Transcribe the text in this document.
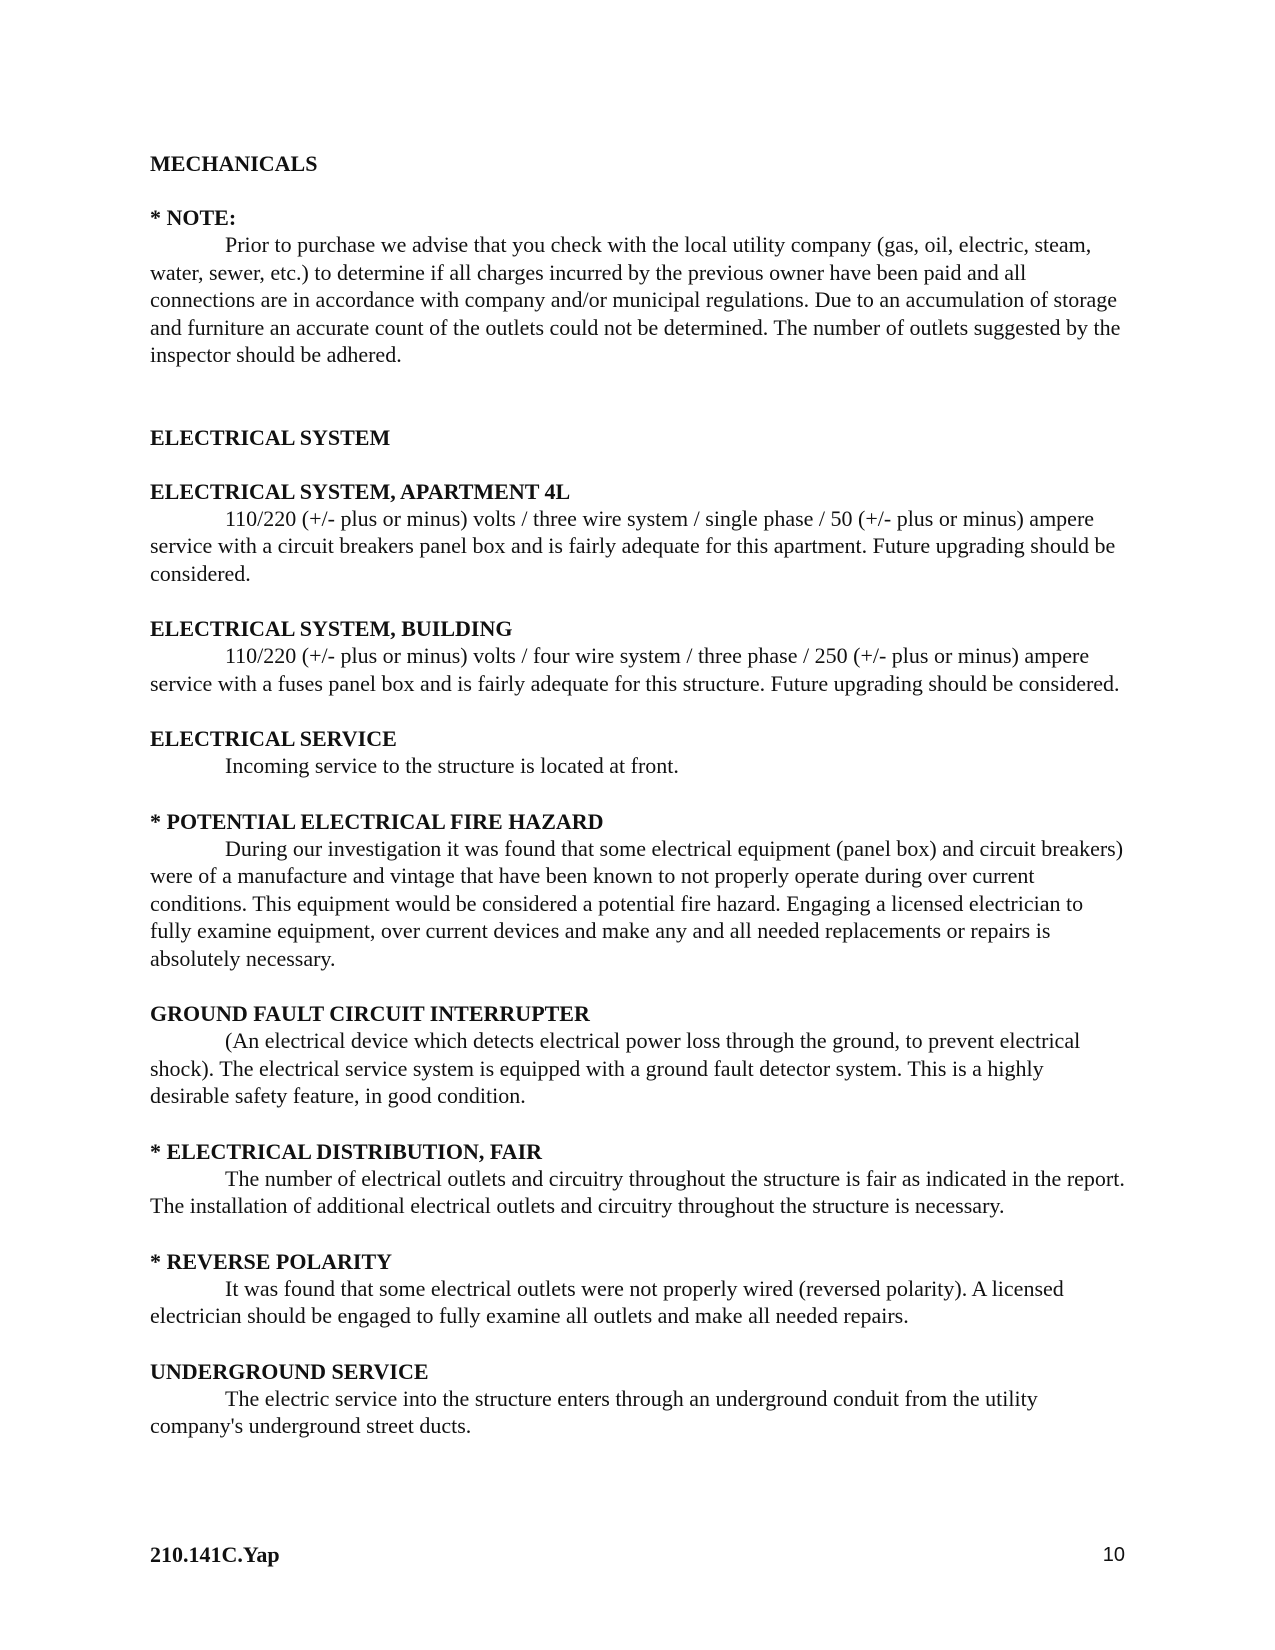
MECHANICALS
* NOTE:

Prior to purchase we advise that you check with the local utility company (gas, oil, electric, steam, water, sewer, etc.) to determine if all charges incurred by the previous owner have been paid and all connections are in accordance with company and/or municipal regulations. Due to an accumulation of storage and furniture an accurate count of the outlets could not be determined. The number of outlets suggested by the inspector should be adhered.

ELECTRICAL SYSTEM
ELECTRICAL SYSTEM, APARTMENT 4L

110/220 (+/- plus or minus) volts / three wire system / single phase / 50 (+/- plus or minus) ampere service with a circuit breakers panel box and is fairly adequate for this apartment. Future upgrading should be considered.

ELECTRICAL SYSTEM, BUILDING

110/220 (+/- plus or minus) volts / four wire system / three phase / 250 (+/- plus or minus) ampere service with a fuses panel box and is fairly adequate for this structure. Future upgrading should be considered.

ELECTRICAL SERVICE

Incoming service to the structure is located at front.

* POTENTIAL ELECTRICAL FIRE HAZARD

During our investigation it was found that some electrical equipment (panel box) and circuit breakers) were of a manufacture and vintage that have been known to not properly operate during over current conditions. This equipment would be considered a potential fire hazard. Engaging a licensed electrician to fully examine equipment, over current devices and make any and all needed replacements or repairs is absolutely necessary.

GROUND FAULT CIRCUIT INTERRUPTER

(An electrical device which detects electrical power loss through the ground, to prevent electrical shock). The electrical service system is equipped with a ground fault detector system. This is a highly desirable safety feature, in good condition.

* ELECTRICAL DISTRIBUTION, FAIR

The number of electrical outlets and circuitry throughout the structure is fair as indicated in the report. The installation of additional electrical outlets and circuitry throughout the structure is necessary.

* REVERSE POLARITY

It was found that some electrical outlets were not properly wired (reversed polarity). A licensed electrician should be engaged to fully examine all outlets and make all needed repairs.

UNDERGROUND SERVICE

The electric service into the structure enters through an underground conduit from the utility company's underground street ducts.

210.141C.Yap	10
